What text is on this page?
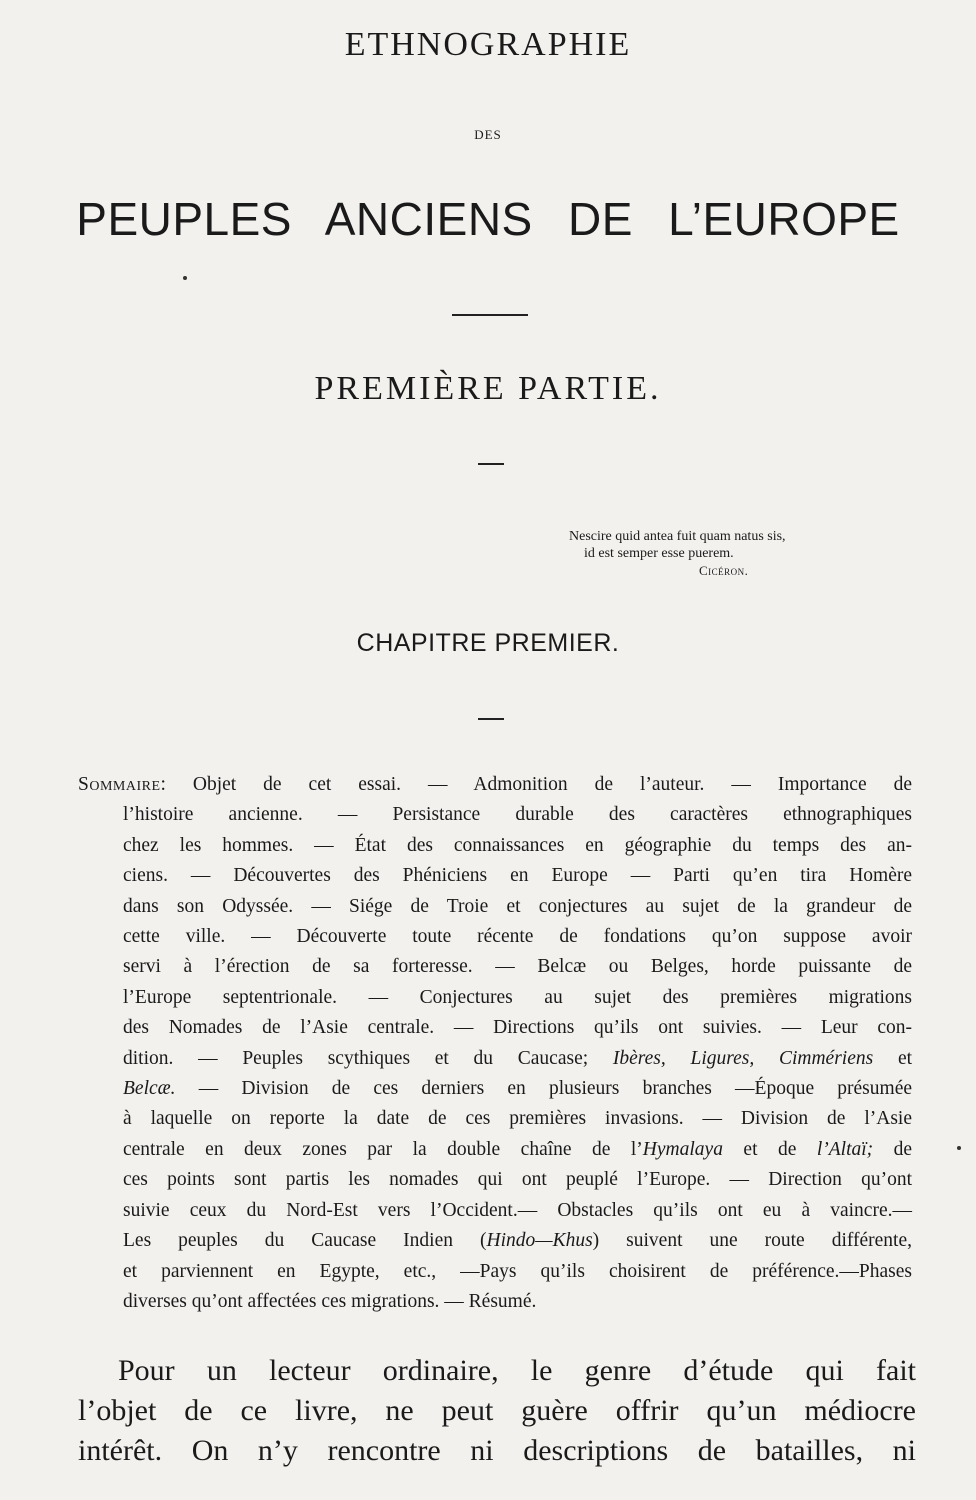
ETHNOGRAPHIE
DES
PEUPLES ANCIENS DE L’EUROPE
PREMIÈRE PARTIE.
Nescire quid antea fuit quam natus sis,
id est semper esse puerem.
Cicéron.
CHAPITRE PREMIER.
Sommaire: Objet de cet essai. — Admonition de l’auteur. — Importance de
l’histoire ancienne. — Persistance durable des caractères ethnographiques
chez les hommes. — État des connaissances en géographie du temps des an-
ciens. — Découvertes des Phéniciens en Europe — Parti qu’en tira Homère
dans son Odyssée. — Siége de Troie et conjectures au sujet de la grandeur de
cette ville. — Découverte toute récente de fondations qu’on suppose avoir
servi à l’érection de sa forteresse. — Belcæ ou Belges, horde puissante de
l’Europe septentrionale. — Conjectures au sujet des premières migrations
des Nomades de l’Asie centrale. — Directions qu’ils ont suivies. — Leur con-
dition. — Peuples scythiques et du Caucase; Ibères, Ligures, Cimmériens et
Belcæ. — Division de ces derniers en plusieurs branches —Époque présumée
à laquelle on reporte la date de ces premières invasions. — Division de l’Asie
centrale en deux zones par la double chaîne de l’Hymalaya et de l’Altaï; de
ces points sont partis les nomades qui ont peuplé l’Europe. — Direction qu’ont
suivie ceux du Nord-Est vers l’Occident.— Obstacles qu’ils ont eu à vaincre.—
Les peuples du Caucase Indien (Hindo—Khus) suivent une route différente,
et parviennent en Egypte, etc., —Pays qu’ils choisirent de préférence.—Phases
diverses qu’ont affectées ces migrations. — Résumé.
Pour un lecteur ordinaire, le genre d’étude qui fait
l’objet de ce livre, ne peut guère offrir qu’un médiocre
intérêt. On n’y rencontre ni descriptions de batailles, ni
